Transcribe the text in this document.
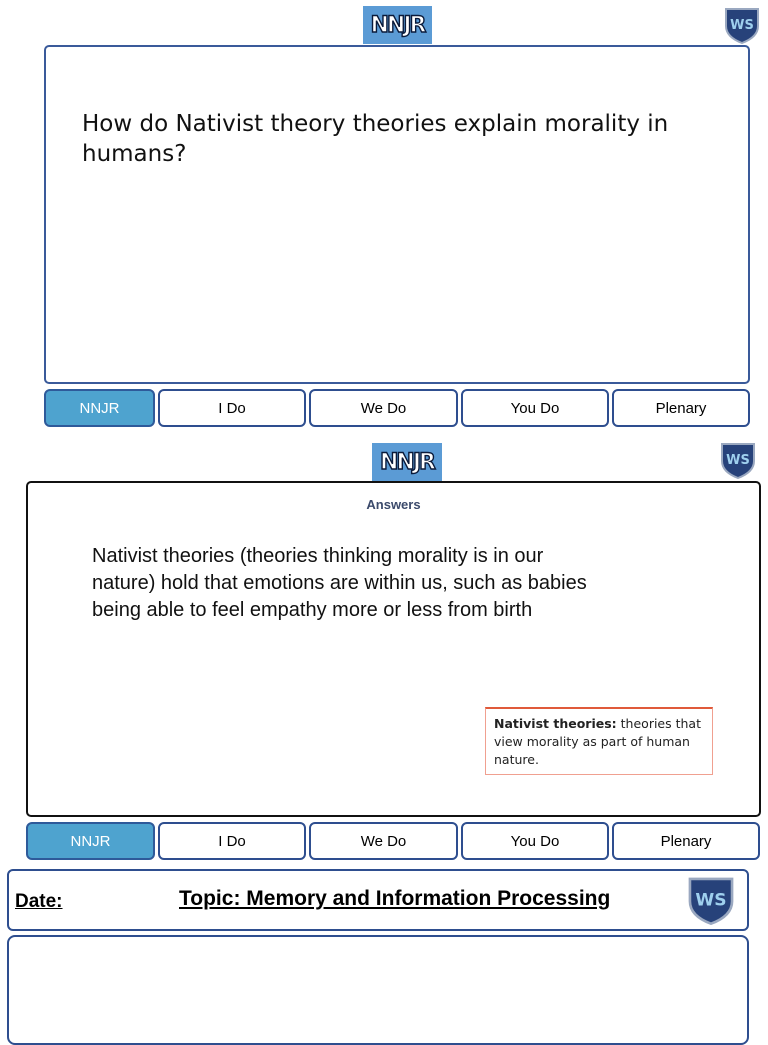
NNJR	WS
How do Nativist theory theories explain morality in humans?
NNJR	I Do	We Do	You Do	Plenary
NNJR	WS
Answers
Nativist theories (theories thinking morality is in our nature) hold that emotions are within us, such as babies being able to feel empathy more or less from birth
Nativist theories: theories that view morality as part of human nature.
NNJR	I Do	We Do	You Do	Plenary
Date:	Topic: Memory and Information Processing	WS
